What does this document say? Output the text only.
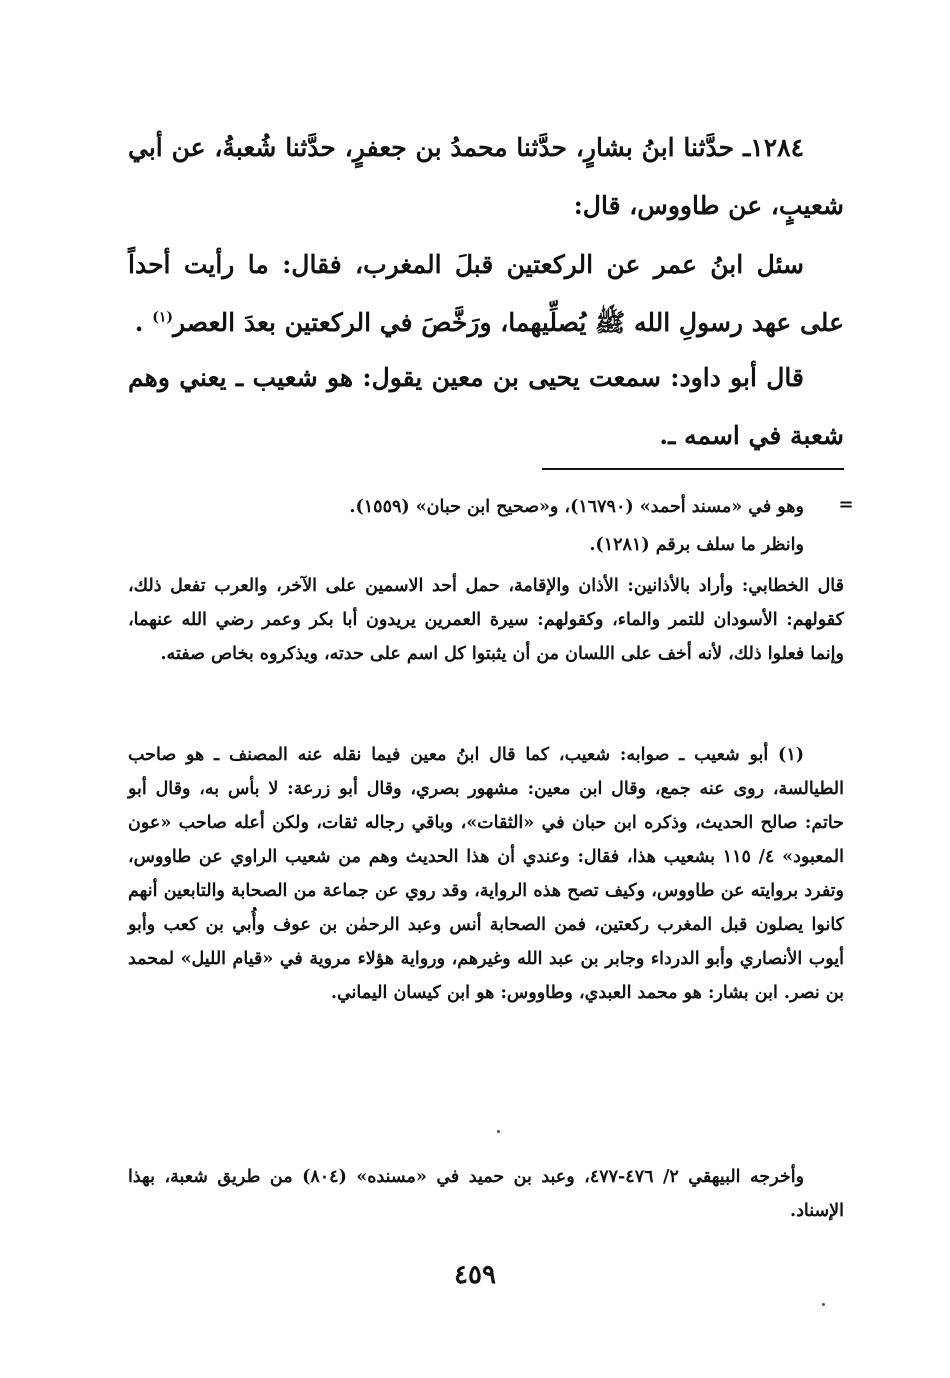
١٢٨٤ـ حدَّثنا ابنُ بشارٍ، حدَّثنا محمدُ بن جعفرٍ، حدَّثنا شُعبةُ، عن أبي شعيبٍ، عن طاووس، قال:

سئل ابنُ عمر عن الركعتين قبلَ المغرب، فقال: ما رأيت أحداً على عهد رسولِ الله ﷺ يُصلِّيهما، ورَخَّصَ في الركعتين بعدَ العصر$^{(١)}$ .

قال أبو داود: سمعت يحيى بن معين يقول: هو شعيب ـ يعني وهم شعبة في اسمه ـ.

=

وهو في «مسند أحمد» (١٦٧٩٠)، و«صحيح ابن حبان» (١٥٥٩).

وانظر ما سلف برقم (١٢٨١).

قال الخطابي: وأراد بالأذانين: الأذان والإقامة، حمل أحد الاسمين على الآخر، والعرب تفعل ذلك، كقولهم: الأسودان للتمر والماء، وكقولهم: سيرة العمرين يريدون أبا بكر وعمر رضي الله عنهما، وإنما فعلوا ذلك، لأنه أخف على اللسان من أن يثبتوا كل اسم على حدته، ويذكروه بخاص صفته.

(١) أبو شعيب ـ صوابه: شعيب، كما قال ابنُ معين فيما نقله عنه المصنف ـ هو صاحب الطيالسة، روى عنه جمع، وقال ابن معين: مشهور بصري، وقال أبو زرعة: لا بأس به، وقال أبو حاتم: صالح الحديث، وذكره ابن حبان في «الثقات»، وباقي رجاله ثقات، ولكن أعله صاحب «عون المعبود» ٤/ ١١٥ بشعيب هذا، فقال: وعندي أن هذا الحديث وهم من شعيب الراوي عن طاووس، وتفرد بروايته عن طاووس، وكيف تصح هذه الرواية، وقد روي عن جماعة من الصحابة والتابعين أنهم كانوا يصلون قبل المغرب ركعتين، فمن الصحابة أنس وعبد الرحمٰن بن عوف وأُبي بن كعب وأبو أيوب الأنصاري وأبو الدرداء وجابر بن عبد الله وغيرهم، ورواية هؤلاء مروية في «قيام الليل» لمحمد بن نصر. ابن بشار: هو محمد العبدي، وطاووس: هو ابن كيسان اليماني.

وأخرجه البيهقي ٢/ ٤٧٦-٤٧٧، وعبد بن حميد في «مسنده» (٨٠٤) من طريق شعبة، بهذا الإسناد.

٤٥٩
